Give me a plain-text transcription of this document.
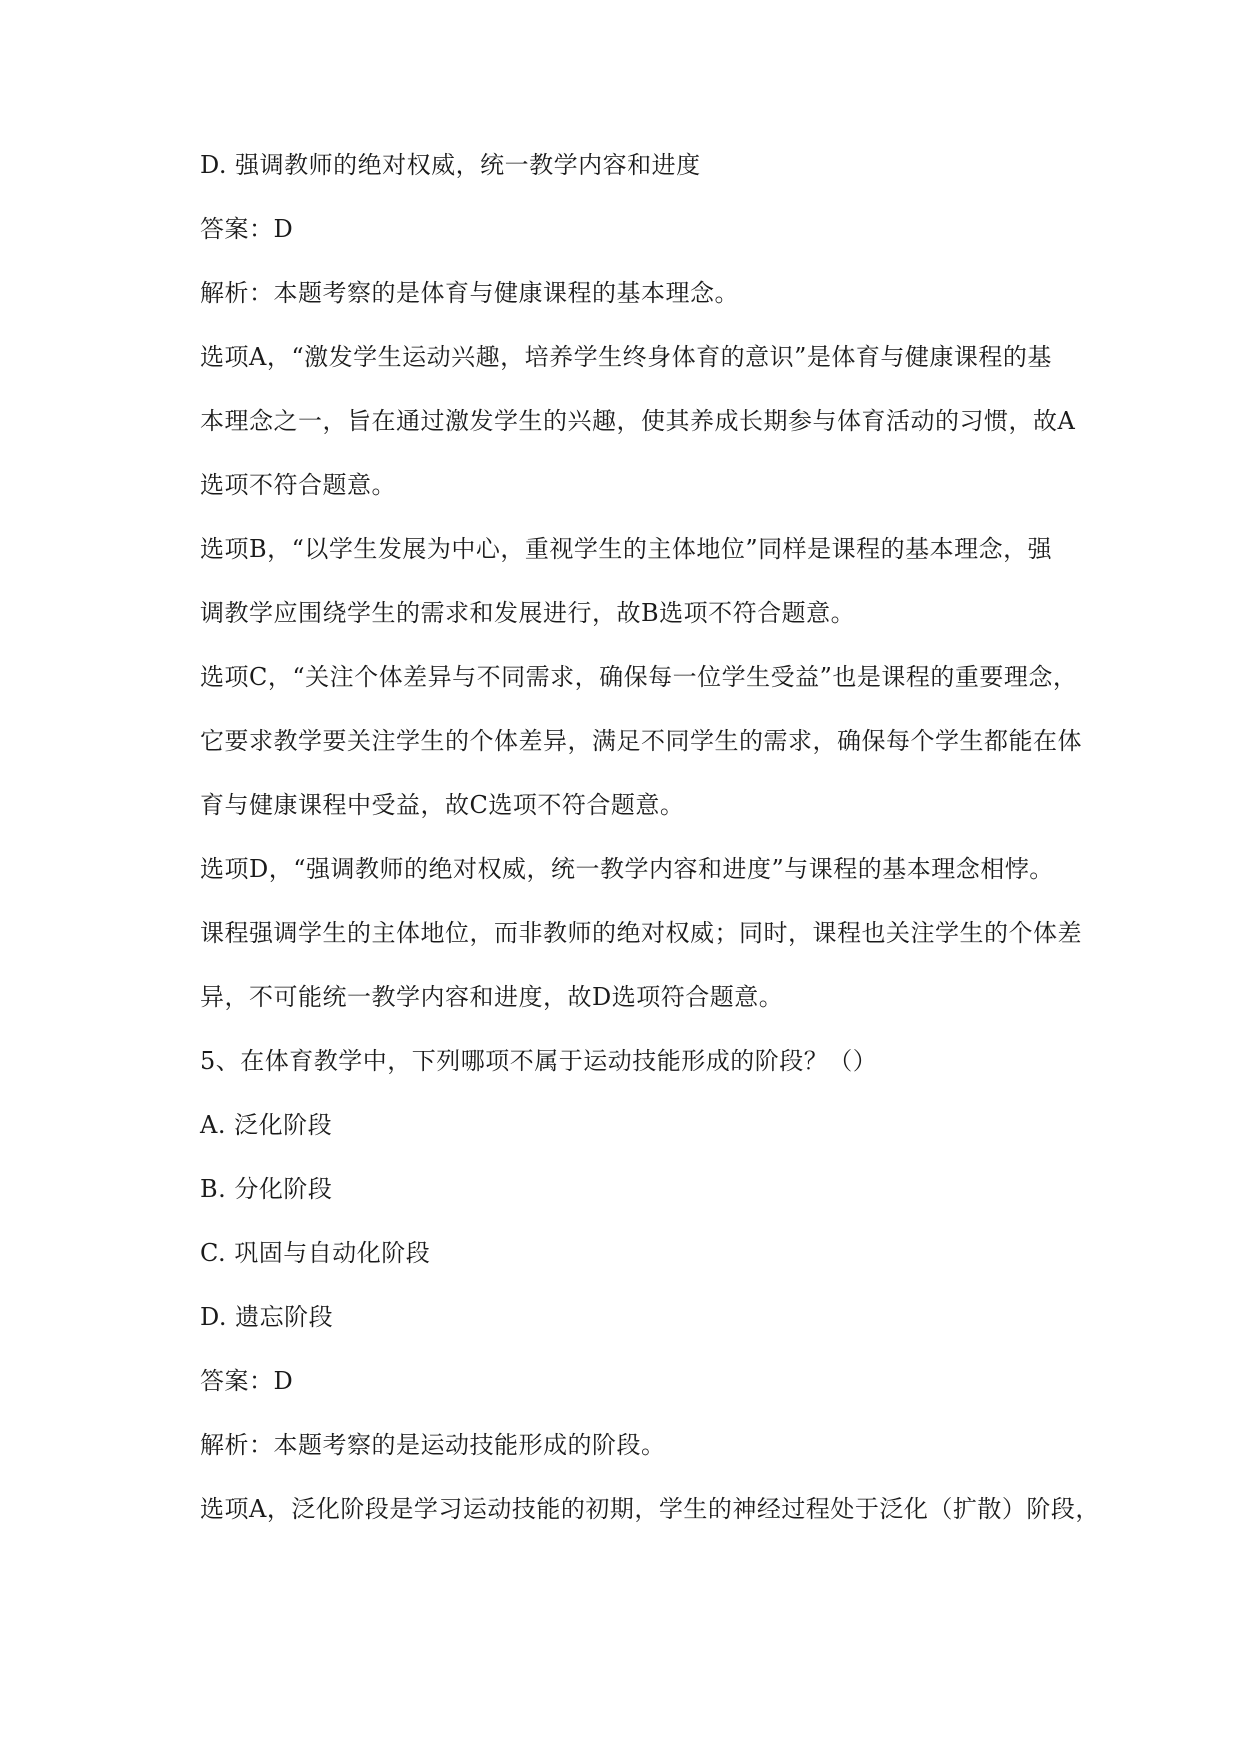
D. 强调教师的绝对权威，统一教学内容和进度
答案：D
解析：本题考察的是体育与健康课程的基本理念。
选项A，“激发学生运动兴趣，培养学生终身体育的意识”是体育与健康课程的基
本理念之一，旨在通过激发学生的兴趣，使其养成长期参与体育活动的习惯，故A
选项不符合题意。
选项B，“以学生发展为中心，重视学生的主体地位”同样是课程的基本理念，强
调教学应围绕学生的需求和发展进行，故B选项不符合题意。
选项C，“关注个体差异与不同需求，确保每一位学生受益”也是课程的重要理念，
它要求教学要关注学生的个体差异，满足不同学生的需求，确保每个学生都能在体
育与健康课程中受益，故C选项不符合题意。
选项D，“强调教师的绝对权威，统一教学内容和进度”与课程的基本理念相悖。
课程强调学生的主体地位，而非教师的绝对权威；同时，课程也关注学生的个体差
异，不可能统一教学内容和进度，故D选项符合题意。
5、在体育教学中，下列哪项不属于运动技能形成的阶段？（）
A. 泛化阶段
B. 分化阶段
C. 巩固与自动化阶段
D. 遗忘阶段
答案：D
解析：本题考察的是运动技能形成的阶段。
选项A，泛化阶段是学习运动技能的初期，学生的神经过程处于泛化（扩散）阶段，
